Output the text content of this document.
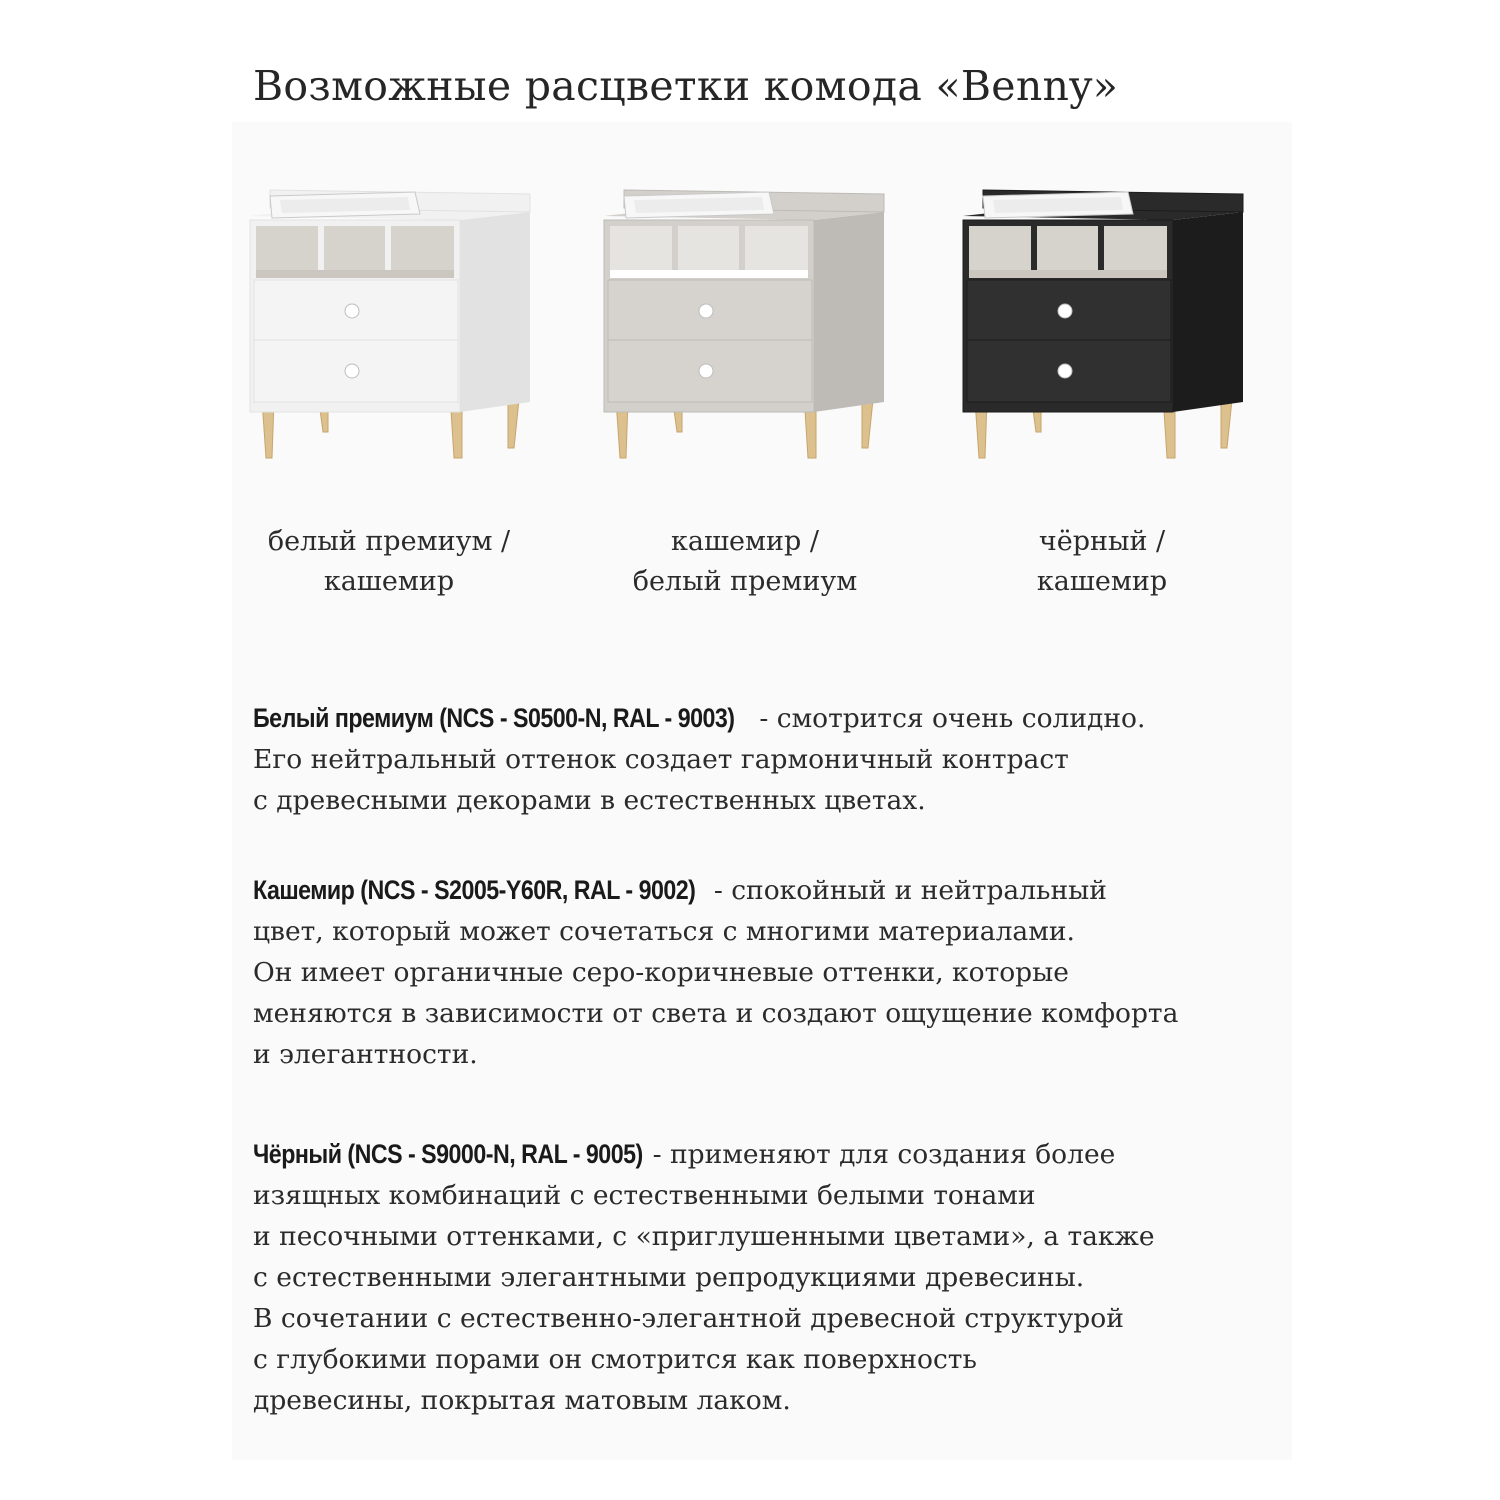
Возможные расцветки комода «Benny»
белый премиум /
кашемир
кашемир /
белый премиум
чёрный /
кашемир
Белый премиум (NCS - S0500-N, RAL - 9003) - смотрится очень солидно.
Его нейтральный оттенок создает гармоничный контраст
с древесными декорами в естественных цветах.
Кашемир (NCS - S2005-Y60R, RAL - 9002) - спокойный и нейтральный
цвет, который может сочетаться с многими материалами.
Он имеет органичные серо-коричневые оттенки, которые
меняются в зависимости от света и создают ощущение комфорта
и элегантности.
Чёрный (NCS - S9000-N, RAL - 9005) - применяют для создания более
изящных комбинаций с естественными белыми тонами
и песочными оттенками, с «приглушенными цветами», а также
с естественными элегантными репродукциями древесины.
В сочетании с естественно-элегантной древесной структурой
с глубокими порами он смотрится как поверхность
древесины, покрытая матовым лаком.
